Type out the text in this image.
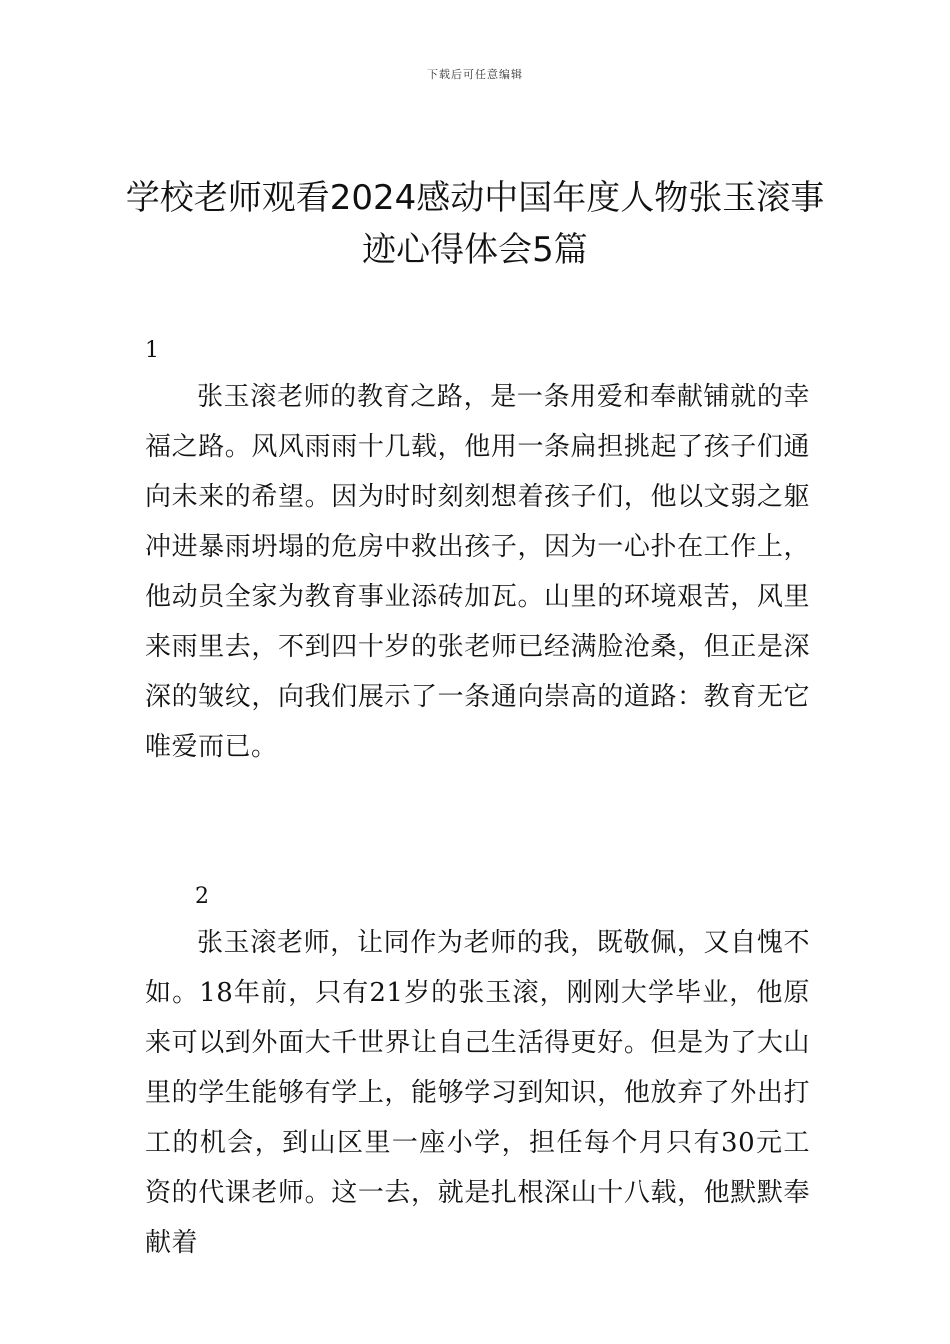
下载后可任意编辑
学校老师观看2024感动中国年度人物张玉滚事迹心得体会5篇
1
张玉滚老师的教育之路，是一条用爱和奉献铺就的幸福之路。风风雨雨十几载，他用一条扁担挑起了孩子们通向未来的希望。因为时时刻刻想着孩子们，他以文弱之躯冲进暴雨坍塌的危房中救出孩子，因为一心扑在工作上，他动员全家为教育事业添砖加瓦。山里的环境艰苦，风里来雨里去，不到四十岁的张老师已经满脸沧桑，但正是深深的皱纹，向我们展示了一条通向崇高的道路：教育无它唯爱而已。
2
张玉滚老师，让同作为老师的我，既敬佩，又自愧不如。18年前，只有21岁的张玉滚，刚刚大学毕业，他原来可以到外面大千世界让自己生活得更好。但是为了大山里的学生能够有学上，能够学习到知识，他放弃了外出打工的机会，到山区里一座小学，担任每个月只有30元工资的代课老师。这一去，就是扎根深山十八载，他默默奉献着
